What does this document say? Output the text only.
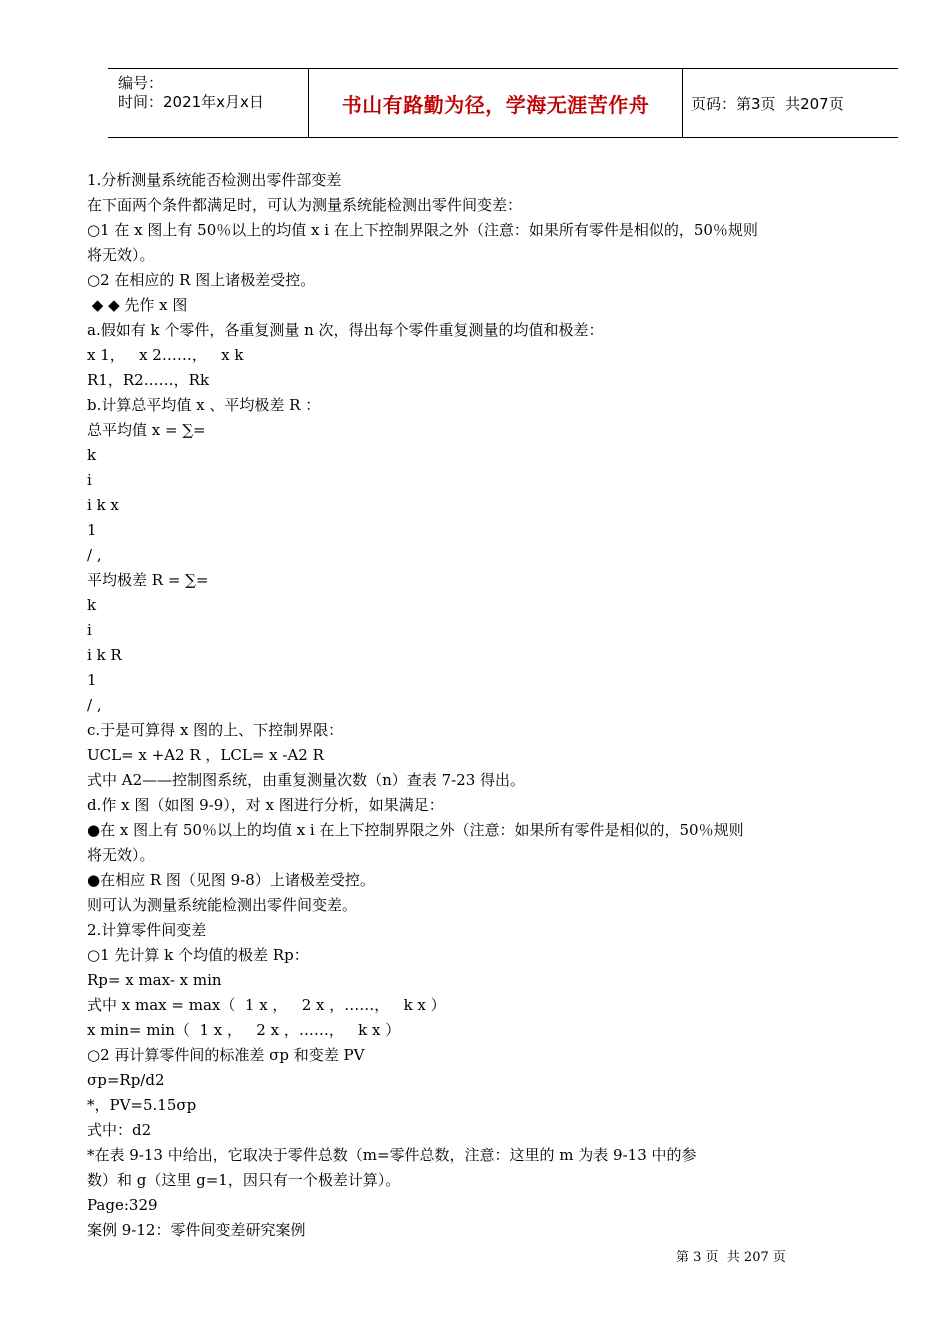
编号：
时间：2021年x月x日	书山有路勤为径，学海无涯苦作舟	页码：第3页  共207页
1.分析测量系统能否检测出零件部变差
在下面两个条件都满足时，可认为测量系统能检测出零件间变差：
○1 在 x 图上有 50％以上的均值 x i 在上下控制界限之外（注意：如果所有零件是相似的，50％规则
将无效）。
○2 在相应的 R 图上诸极差受控。
◆ ◆ 先作 x 图
a.假如有 k 个零件，各重复测量 n 次，得出每个零件重复测量的均值和极差：
x 1，   x 2……，   x k
R1，R2……，Rk
b.计算总平均值 x 、平均极差 R ：
总平均值 x = ∑=
k
i
i k x
1
/ ,
平均极差 R = ∑=
k
i
i k R
1
/ ,
c.于是可算得 x 图的上、下控制界限：
UCL= x +A2 R ，LCL= x -A2 R
式中 A2——控制图系统，由重复测量次数（n）查表 7-23 得出。
d.作 x 图（如图 9-9），对 x 图进行分析，如果满足：
●在 x 图上有 50％以上的均值 x i 在上下控制界限之外（注意：如果所有零件是相似的，50％规则
将无效）。
●在相应 R 图（见图 9-8）上诸极差受控。
则可认为测量系统能检测出零件间变差。
2.计算零件间变差
○1 先计算 k 个均值的极差 Rp：
Rp= x max- x min
式中 x max = max（  1 x ，   2 x ，……，   k x ）
x min= min（  1 x ，   2 x ，……，   k x ）
○2 再计算零件间的标准差 σp 和变差 PV
σp=Rp/d2
*，PV=5.15σp
式中：d2
*在表 9-13 中给出，它取决于零件总数（m=零件总数，注意：这里的 m 为表 9-13 中的参
数）和 g（这里 g=1，因只有一个极差计算）。
Page:329
案例 9-12：零件间变差研究案例
第 3 页  共 207 页
